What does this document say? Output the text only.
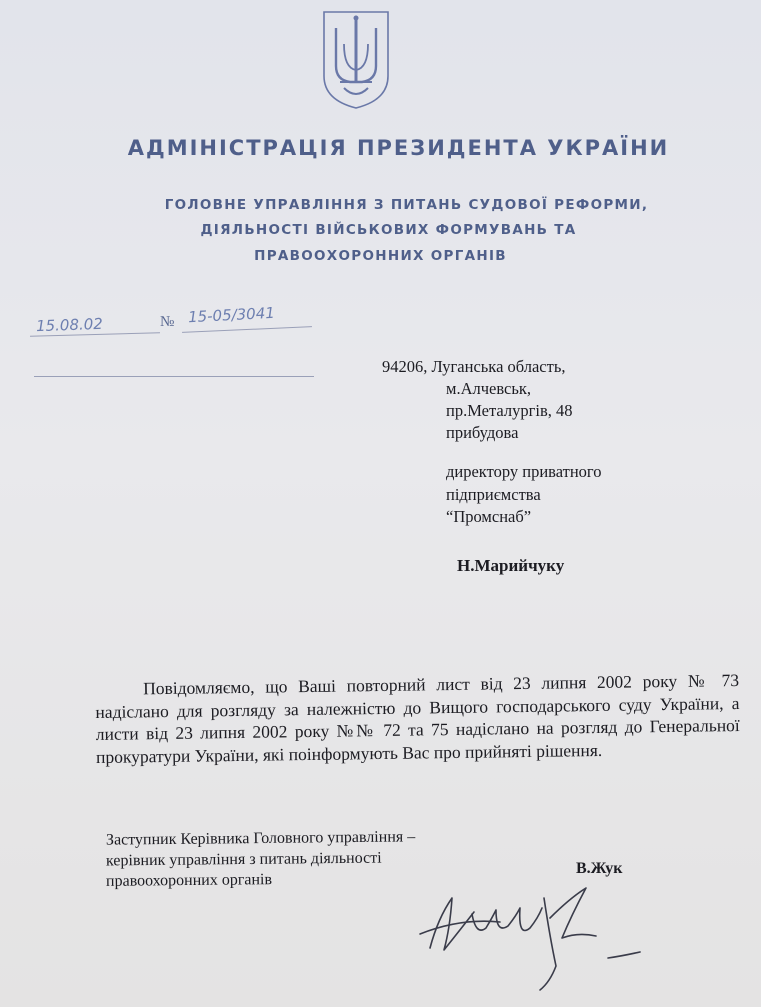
АДМІНІСТРАЦІЯ ПРЕЗИДЕНТА УКРАЇНИ
ГОЛОВНЕ УПРАВЛІННЯ З ПИТАНЬ СУДОВОЇ РЕФОРМИ,
ДІЯЛЬНОСТІ ВІЙСЬКОВИХ ФОРМУВАНЬ ТА
ПРАВООХОРОННИХ ОРГАНІВ
15.08.02	№ 15-05/3041
94206, Луганська область,
м.Алчевськ,
пр.Металургів, 48
прибудова
директору приватного
підприємства
“Промснаб”
Н.Марийчуку
Повідомляємо, що Ваші повторний лист від 23 липня 2002 року № 73 надіслано для розгляду за належністю до Вищого господарського суду України, а листи від 23 липня 2002 року №№ 72 та 75 надіслано на розгляд до Генеральної прокуратури України, які поінформують Вас про прийняті рішення.
Заступник Керівника Головного управління –
керівник управління з питань діяльності
правоохоронних органів
В.Жук
